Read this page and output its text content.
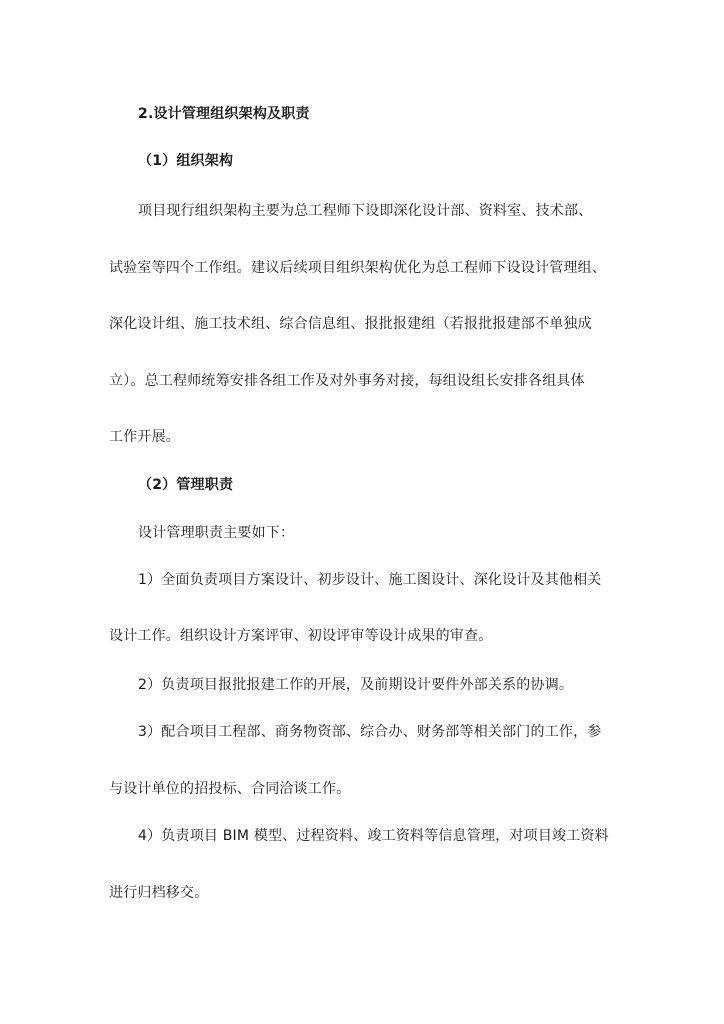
2.设计管理组织架构及职责
（1）组织架构
项目现行组织架构主要为总工程师下设即深化设计部、资料室、技术部、
试验室等四个工作组。建议后续项目组织架构优化为总工程师下设设计管理组、
深化设计组、施工技术组、综合信息组、报批报建组（若报批报建部不单独成
立）。总工程师统筹安排各组工作及对外事务对接，每组设组长安排各组具体
工作开展。
（2）管理职责
设计管理职责主要如下：
1）全面负责项目方案设计、初步设计、施工图设计、深化设计及其他相关
设计工作。组织设计方案评审、初设评审等设计成果的审查。
2）负责项目报批报建工作的开展，及前期设计要件外部关系的协调。
3）配合项目工程部、商务物资部、综合办、财务部等相关部门的工作，参
与设计单位的招投标、合同洽谈工作。
4）负责项目 BIM 模型、过程资料、竣工资料等信息管理，对项目竣工资料
进行归档移交。
